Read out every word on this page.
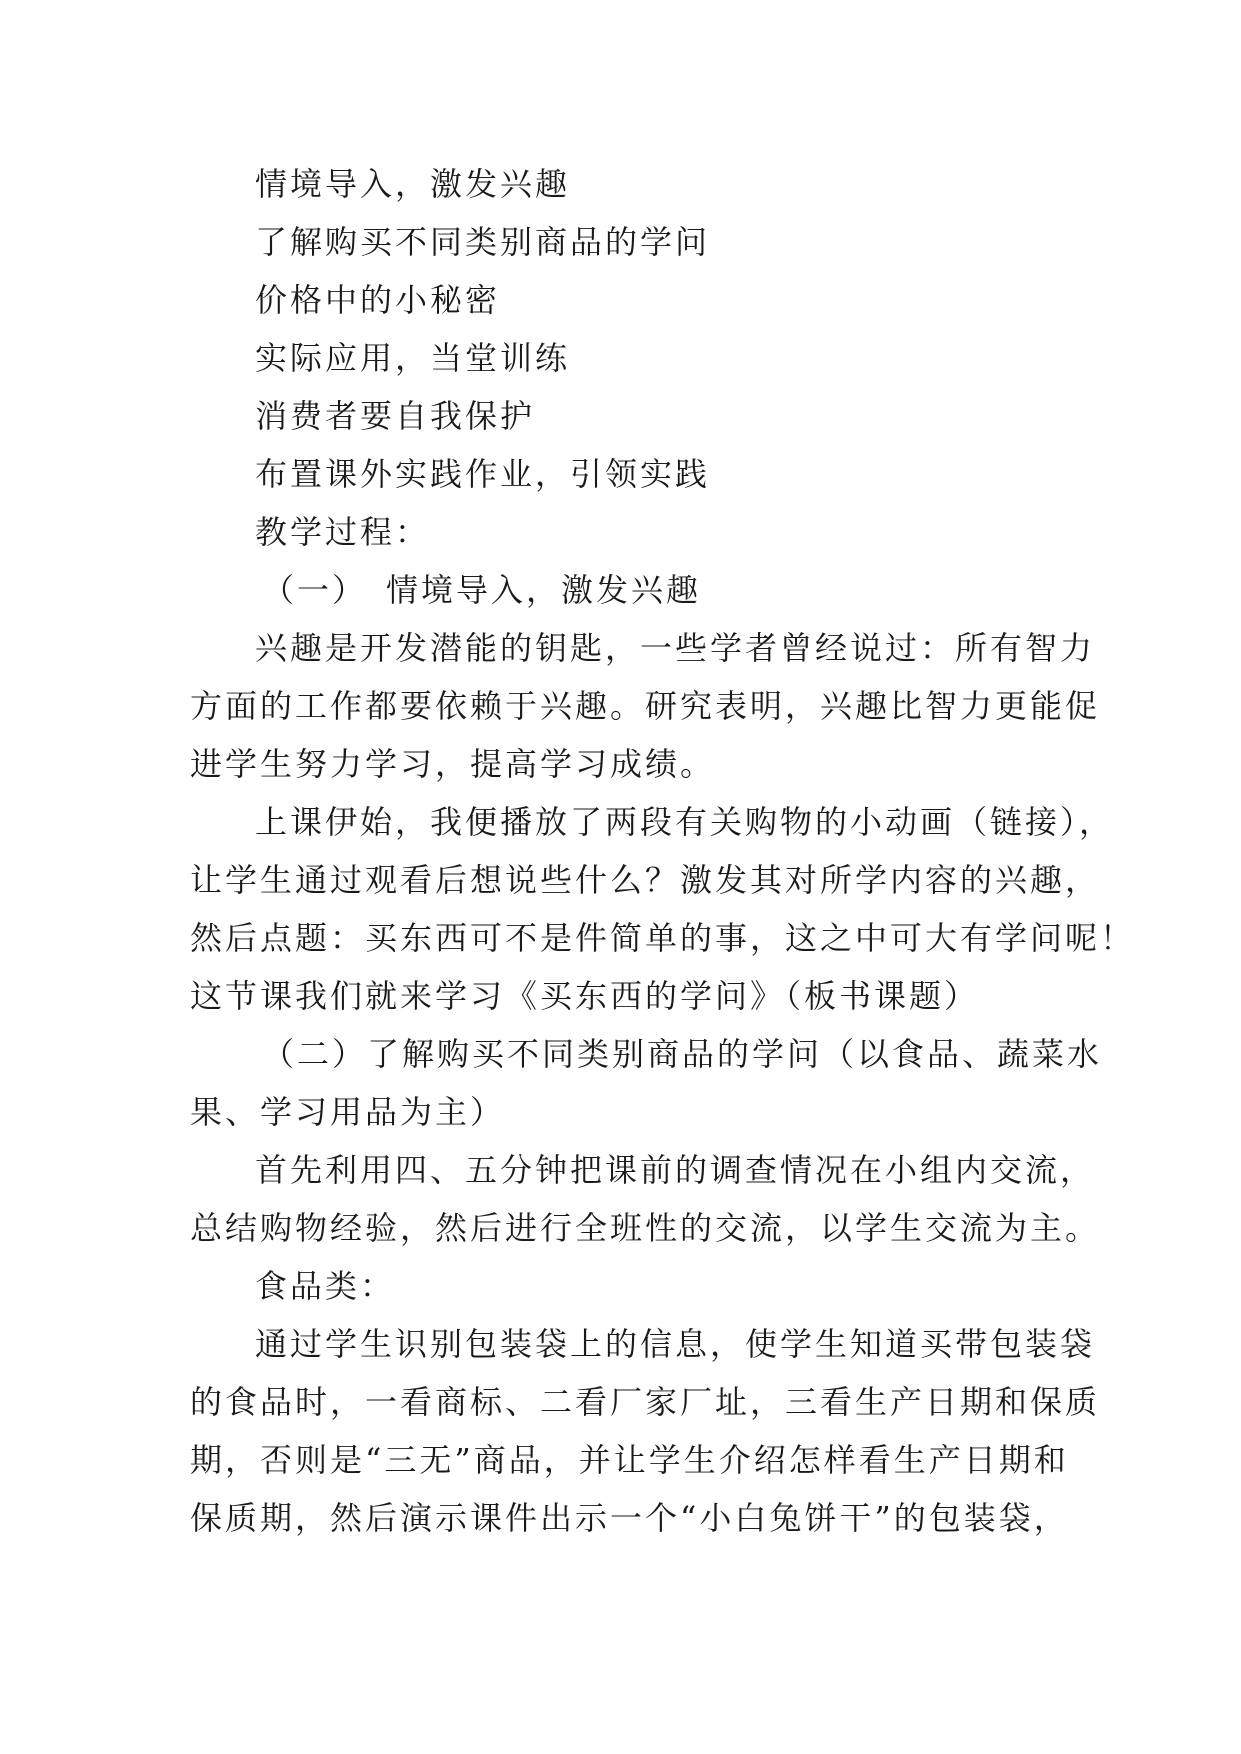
情境导入，激发兴趣
了解购买不同类别商品的学问
价格中的小秘密
实际应用，当堂训练
消费者要自我保护
布置课外实践作业，引领实践
教学过程：
（一）　情境导入，激发兴趣
兴趣是开发潜能的钥匙，一些学者曾经说过：所有智力
方面的工作都要依赖于兴趣。研究表明，兴趣比智力更能促
进学生努力学习，提高学习成绩。
上课伊始，我便播放了两段有关购物的小动画（链接），
让学生通过观看后想说些什么？激发其对所学内容的兴趣，
然后点题：买东西可不是件简单的事，这之中可大有学问呢！
这节课我们就来学习《买东西的学问》（板书课题）
（二）了解购买不同类别商品的学问（以食品、蔬菜水
果、学习用品为主）
首先利用四、五分钟把课前的调查情况在小组内交流，
总结购物经验，然后进行全班性的交流，以学生交流为主。
食品类：
通过学生识别包装袋上的信息，使学生知道买带包装袋
的食品时，一看商标、二看厂家厂址，三看生产日期和保质
期，否则是“三无”商品，并让学生介绍怎样看生产日期和
保质期，然后演示课件出示一个“小白兔饼干”的包装袋，
